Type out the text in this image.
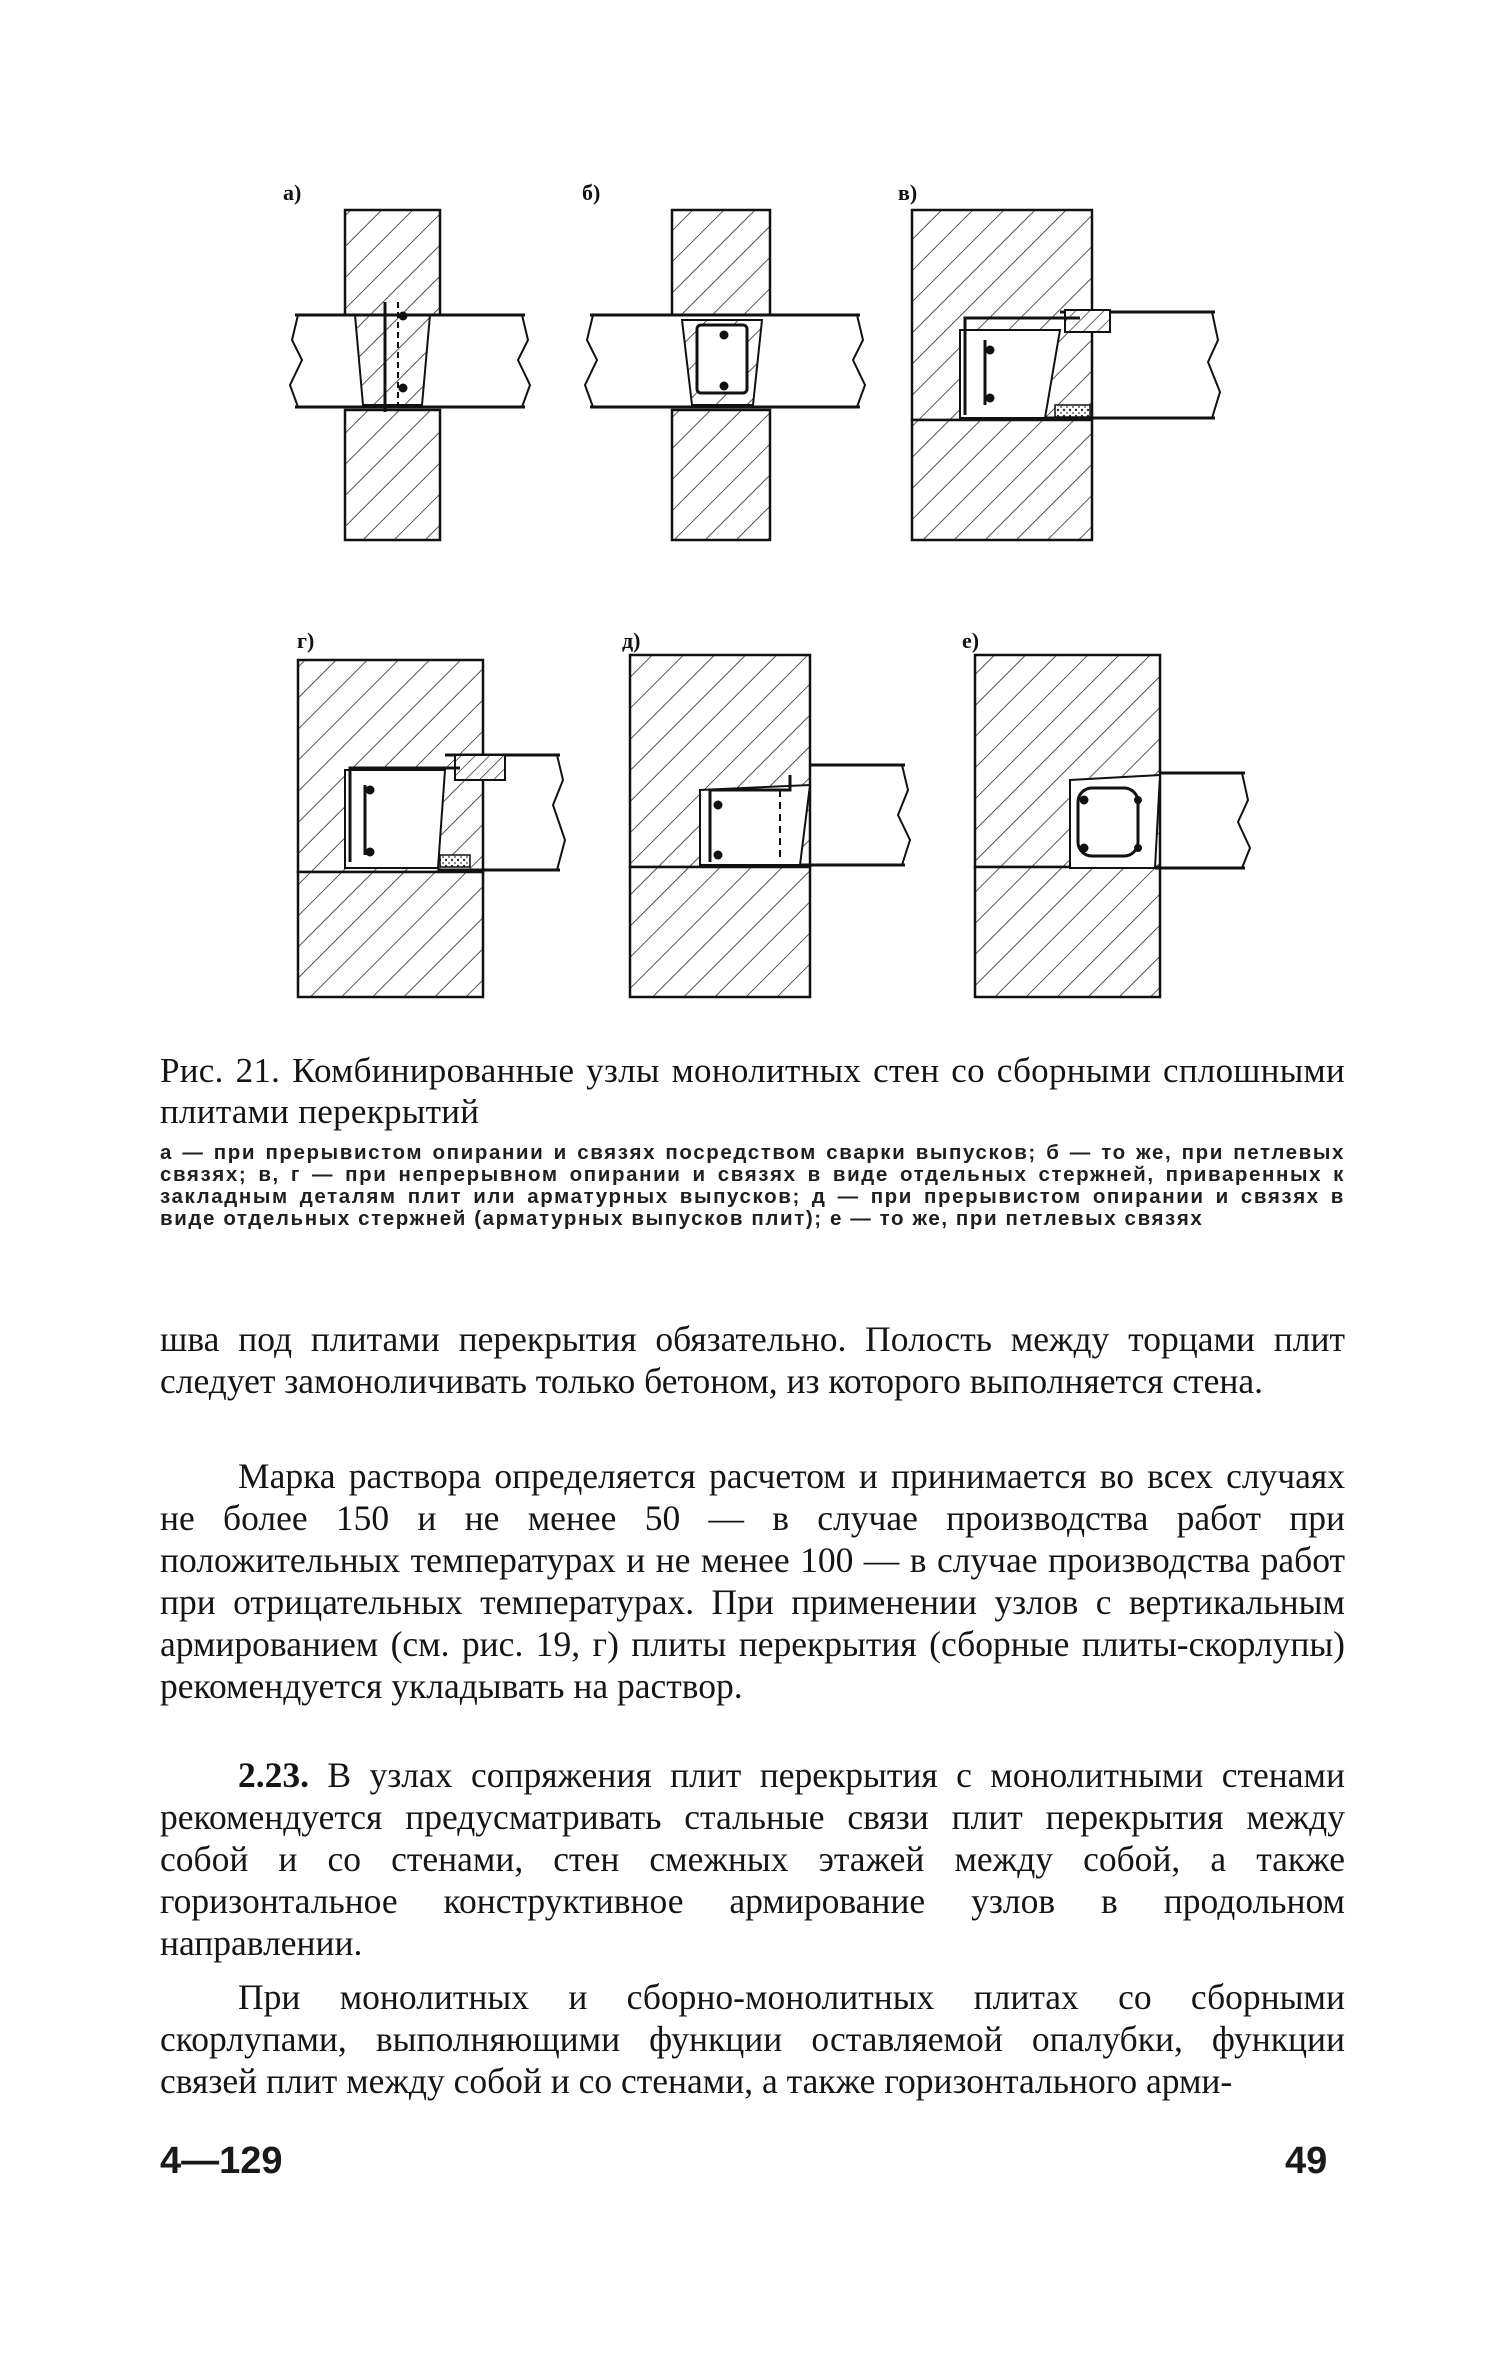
а)	б)	в)
г)	д)	е)
Рис. 21. Комбинированные узлы монолитных стен со сборными сплошными плитами перекрытий
а — при прерывистом опирании и связях посредством сварки выпусков; б — то же, при петлевых связях; в, г — при непрерывном опирании и связях в виде отдельных стержней, приваренных к закладным деталям плит или арматурных выпусков; д — при прерывистом опирании и связях в виде отдельных стержней (арматурных выпусков плит); е — то же, при петлевых связях
шва под плитами перекрытия обязательно. Полость между торцами плит следует замоноличивать только бетоном, из которого выполняется стена.
Марка раствора определяется расчетом и принимается во всех случаях не более 150 и не менее 50 — в случае производства работ при положительных температурах и не менее 100 — в случае производства работ при отрицательных температурах. При применении узлов с вертикальным армированием (см. рис. 19, г) плиты перекрытия (сборные плиты-скорлупы) рекомендуется укладывать на раствор.
2.23. В узлах сопряжения плит перекрытия с монолитными стенами рекомендуется предусматривать стальные связи плит перекрытия между собой и со стенами, стен смежных этажей между собой, а также горизонтальное конструктивное армирование узлов в продольном направлении.
При монолитных и сборно-монолитных плитах со сборными скорлупами, выполняющими функции оставляемой опалубки, функции связей плит между собой и со стенами, а также горизонтального арми-
4—129	49
